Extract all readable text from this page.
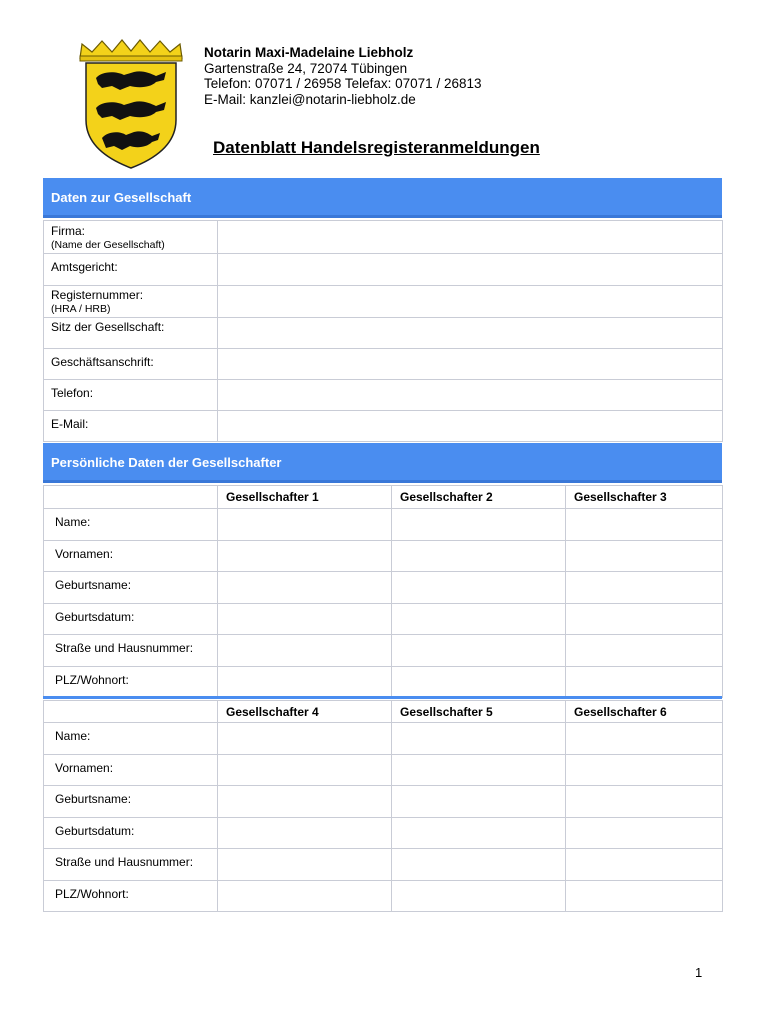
Notarin Maxi-Madelaine Liebholz
Gartenstraße 24, 72074 Tübingen
Telefon: 07071 / 26958 Telefax: 07071 / 26813
E-Mail: kanzlei@notarin-liebholz.de
Datenblatt Handelsregisteranmeldungen
Daten zur Gesellschaft
Firma:
(Name der Gesellschaft)	

Amtsgericht:	
Registernummer:
(HRA / HRB)	

Sitz der Gesellschaft:	
Geschäftsanschrift:	
Telefon:	
E-Mail:	
Persönliche Daten der Gesellschafter
	Gesellschafter 1	Gesellschafter 2	Gesellschafter 3
Name:			
Vornamen:			
Geburtsname:			
Geburtsdatum:			
Straße und Hausnummer:			
PLZ/Wohnort:			
	Gesellschafter 4	Gesellschafter 5	Gesellschafter 6
Name:			
Vornamen:			
Geburtsname:			
Geburtsdatum:			
Straße und Hausnummer:			
PLZ/Wohnort:			
1
